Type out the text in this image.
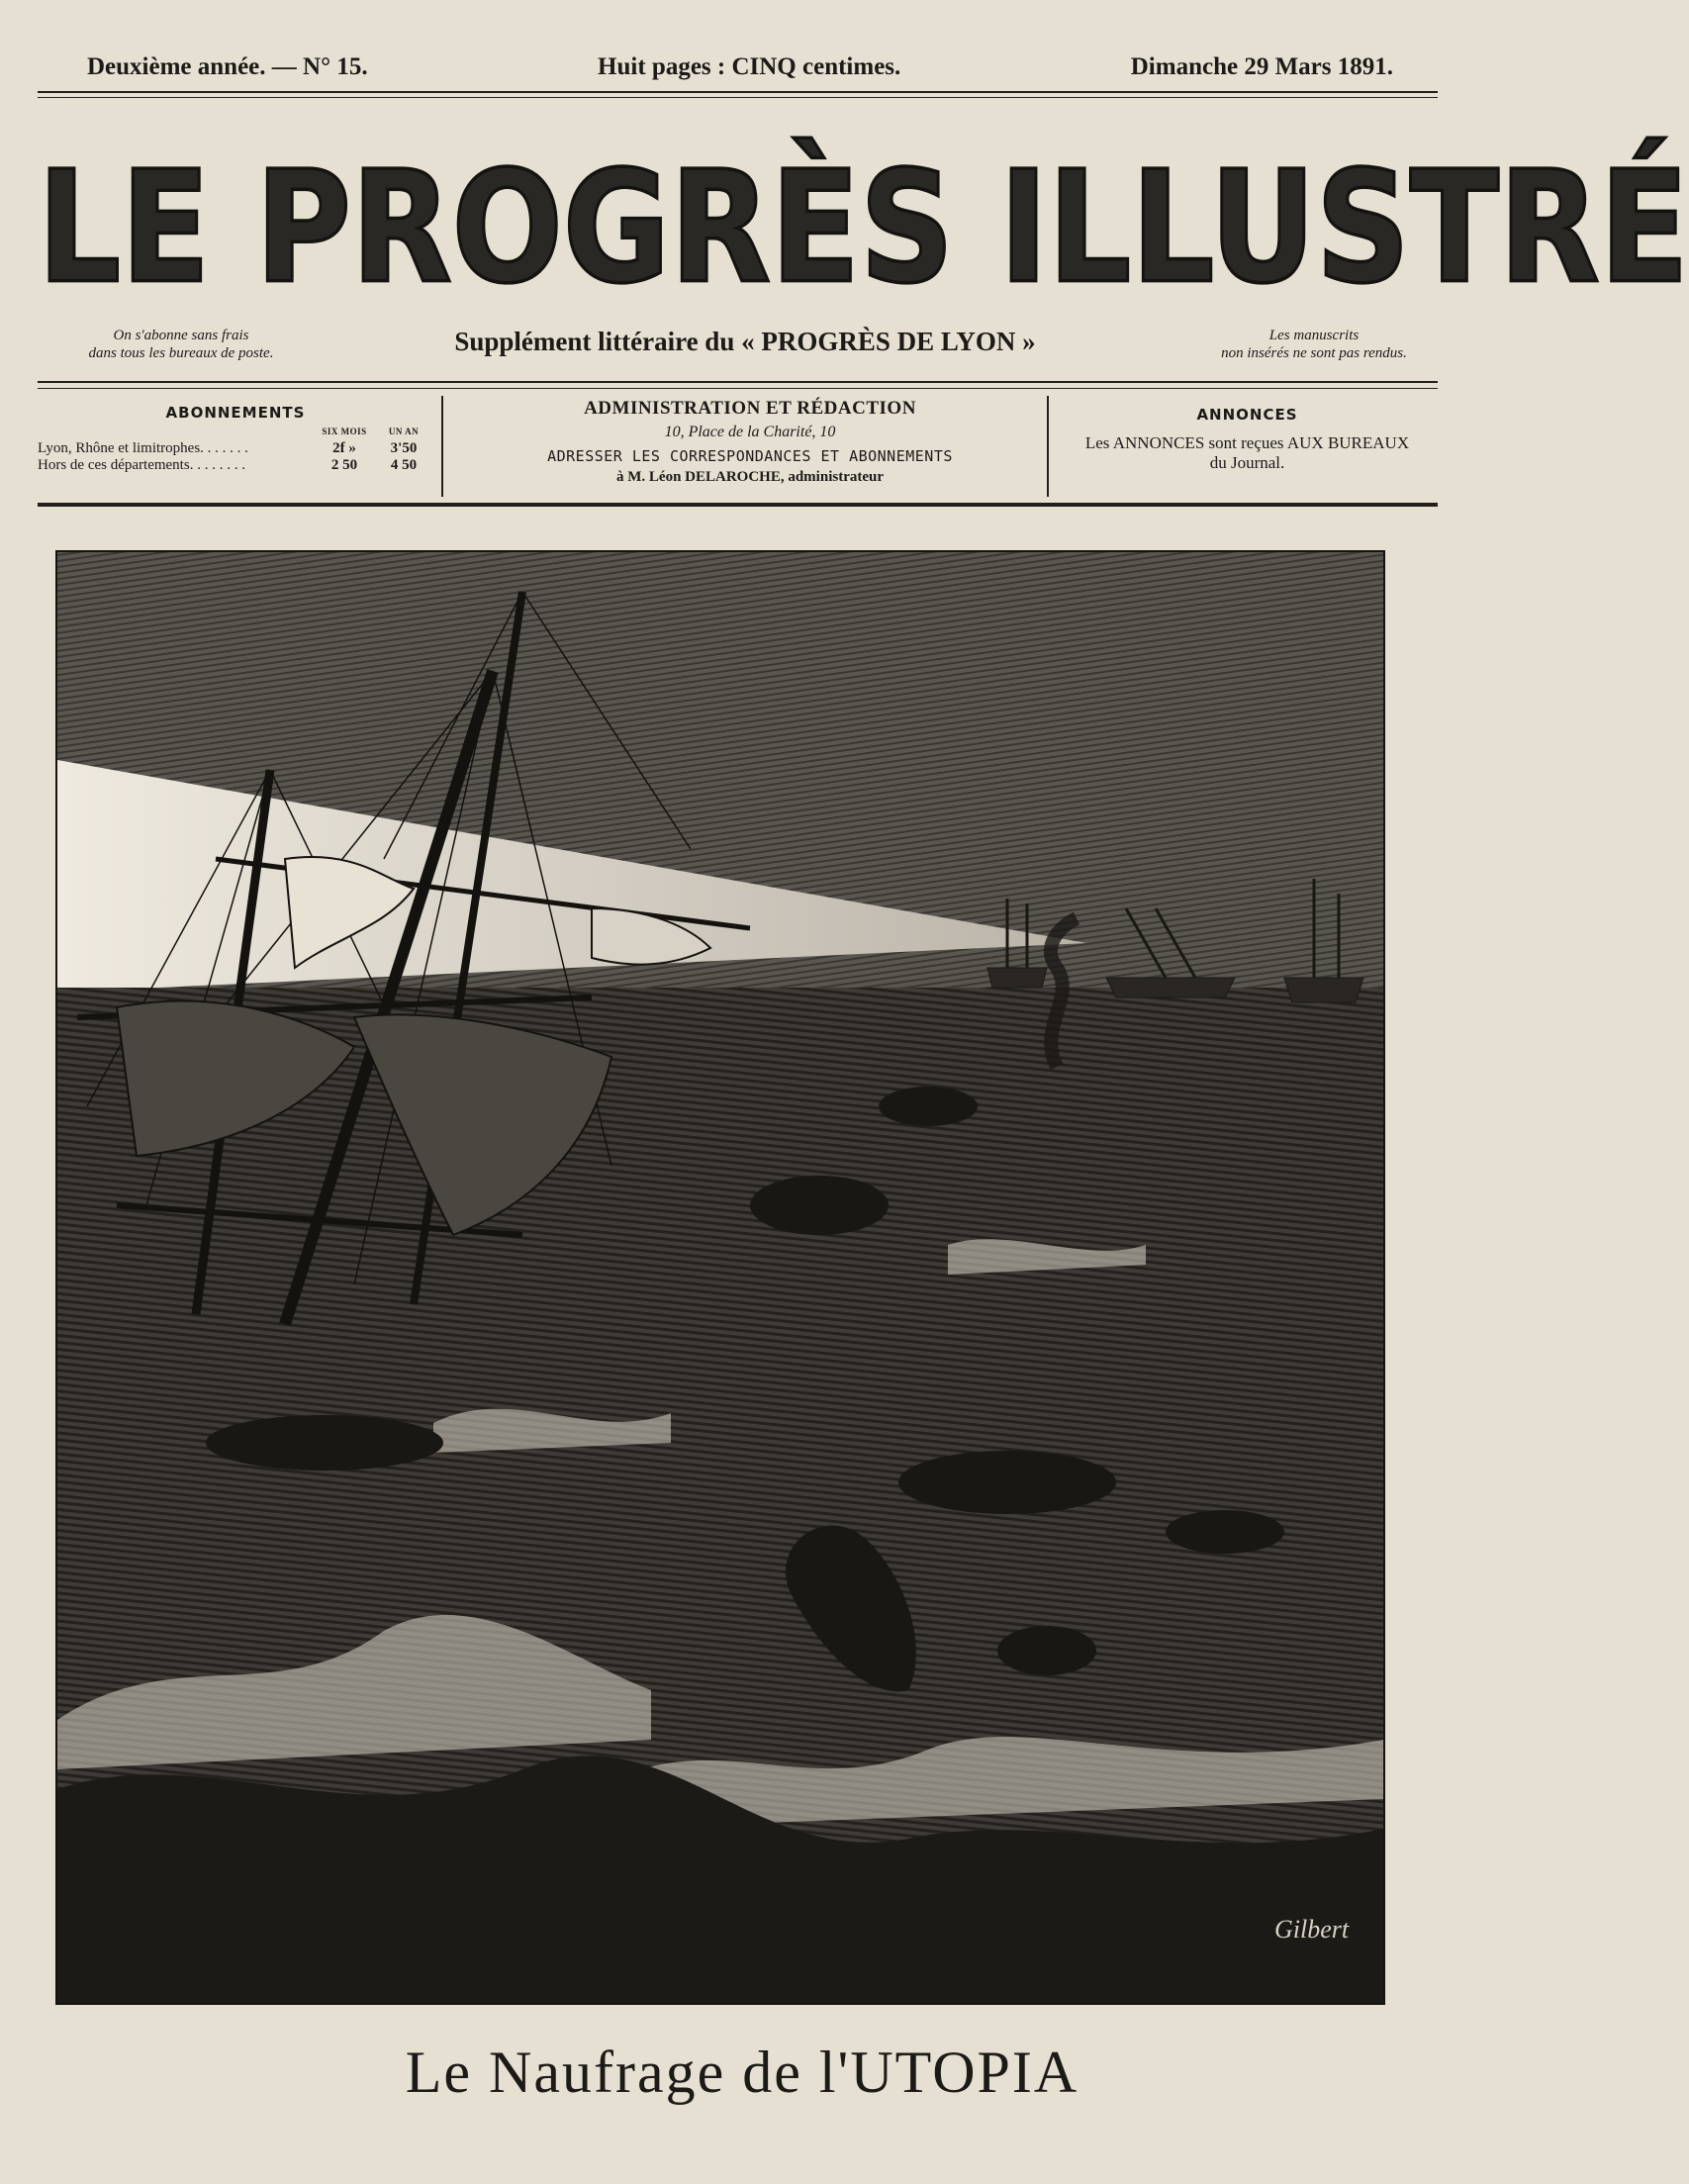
Deuxième année. — N° 15.	Huit pages : CINQ centimes.	Dimanche 29 Mars 1891.
LE PROGRÈS ILLUSTRÉ
On s'abonne sans frais
dans tous les bureaux de poste.	Supplément littéraire du « PROGRÈS DE LYON »	Les manuscrits
non insérés ne sont pas rendus.
ABONNEMENTS
	SIX MOIS	UN AN
Lyon, Rhône et limitrophes. . . . . . .	2f »	3'50
Hors de ces départements. . . . . . . .	2 50	4 50
ADMINISTRATION ET RÉDACTION
10, Place de la Charité, 10
ADRESSER LES CORRESPONDANCES ET ABONNEMENTS
à M. Léon DELAROCHE, administrateur
ANNONCES
Les ANNONCES sont reçues AUX BUREAUX
du Journal.
Gilbert
Le Naufrage de l'UTOPIA
